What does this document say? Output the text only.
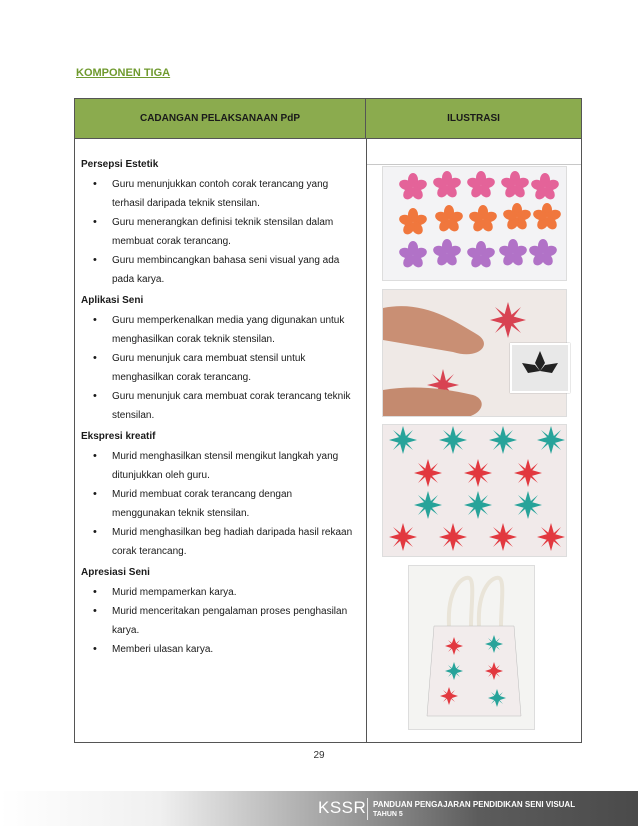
KOMPONEN TIGA
CADANGAN PELAKSANAAN PdP	ILUSTRASI
Persepsi Estetik
• Guru menunjukkan contoh corak terancang yang terhasil daripada teknik stensilan.
• Guru menerangkan definisi teknik stensilan dalam membuat corak terancang.
• Guru membincangkan bahasa seni visual yang ada pada karya.
Aplikasi Seni
• Guru memperkenalkan media yang digunakan untuk menghasilkan corak teknik stensilan.
• Guru menunjuk cara membuat stensil untuk menghasilkan corak terancang.
• Guru menunjuk cara membuat corak terancang teknik stensilan.
Ekspresi kreatif
• Murid menghasilkan stensil mengikut langkah yang ditunjukkan oleh guru.
• Murid membuat corak terancang dengan menggunakan teknik stensilan.
• Murid menghasilkan beg hadiah daripada hasil rekaan corak terancang.
Apresiasi Seni
• Murid mempamerkan karya.
• Murid menceritakan pengalaman proses penghasilan karya.
• Memberi ulasan karya.
29
KSSR PANDUAN PENGAJARAN PENDIDIKAN SENI VISUAL
TAHUN 5
